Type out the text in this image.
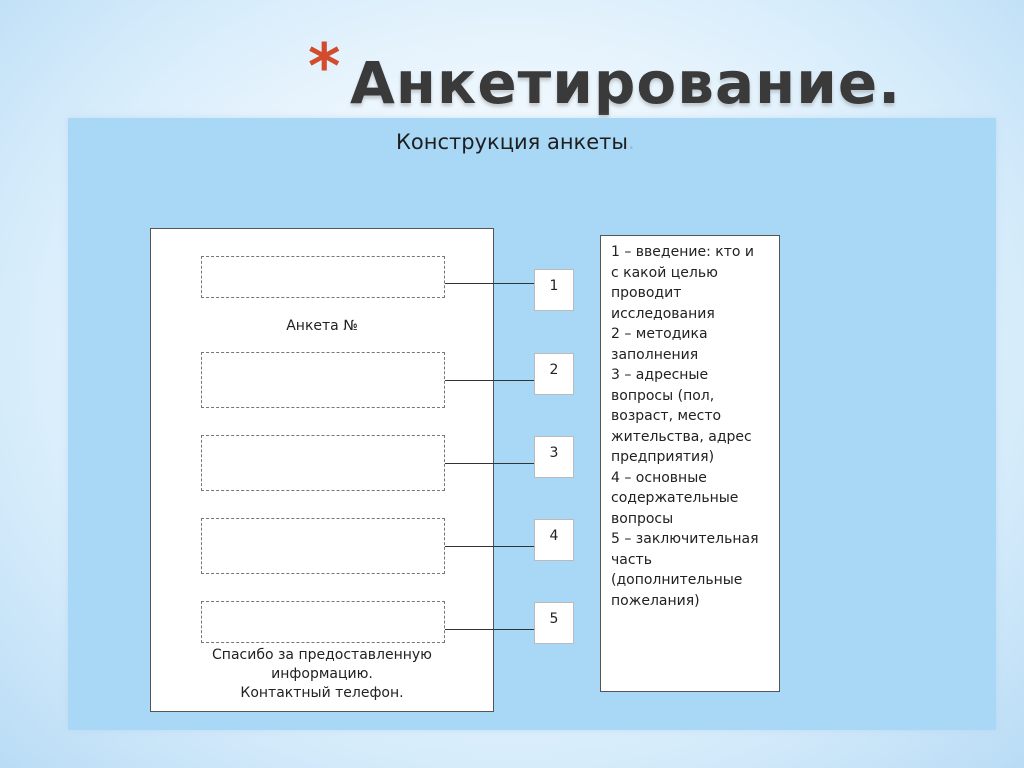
* Анкетирование.
Конструкция анкеты.
Анкета №
Спасибо за предоставленную
информацию.
Контактный телефон.
1
2
3
4
5
1 – введение: кто и
с какой целью
проводит
исследования
2 – методика
заполнения
3 – адресные
вопросы (пол,
возраст, место
жительства, адрес
предприятия)
4 – основные
содержательные
вопросы
5 – заключительная
часть
(дополнительные
пожелания)
